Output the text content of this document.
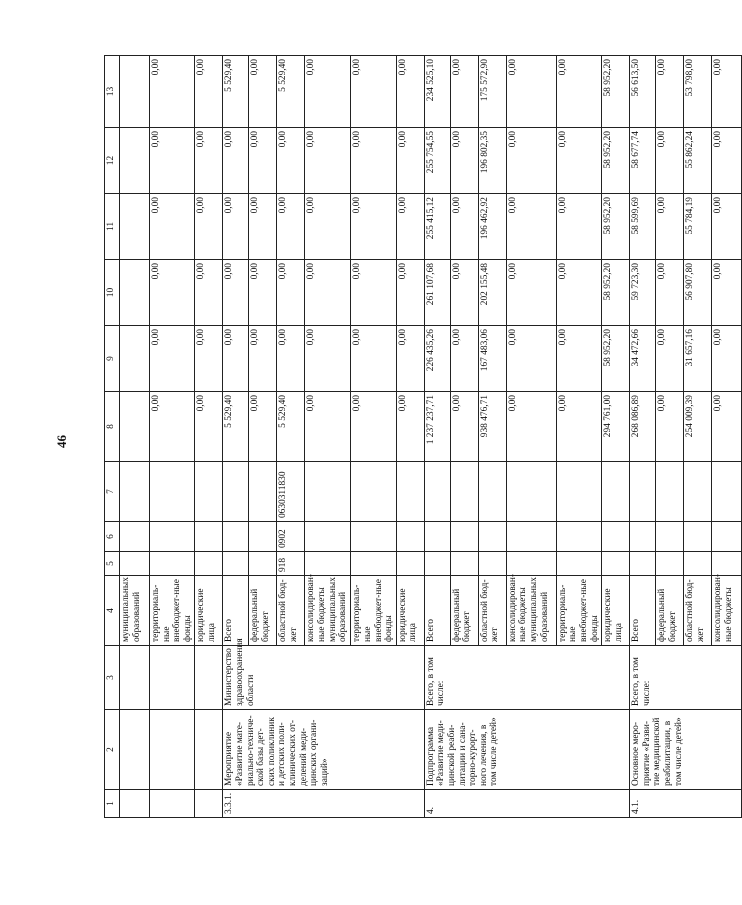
46
1	2	3	4	5	6	7	8	9	10	11	12	13
			муниципальных образований									
			территориаль-ные внебюджет-ные фонды				0,00	0,00	0,00	0,00	0,00	0,00
			юридические лица				0,00	0,00	0,00	0,00	0,00	0,00
3.3.1.	Мероприятие «Развитие мате-риально-техниче-ской базы дет-ских поликлиник и детских поли-клинических от-делений меди-цинских органи-заций»	Министерство здравоохранения области	Всего				5 529,40	0,00	0,00	0,00	0,00	5 529,40
			федеральный бюджет				0,00	0,00	0,00	0,00	0,00	0,00
			областной бюд-жет	918	0902	0630311830	5 529,40	0,00	0,00	0,00	0,00	5 529,40
			консолидирован-ные бюджеты муниципальных образований				0,00	0,00	0,00	0,00	0,00	0,00
			территориаль-ные внебюджет-ные фонды				0,00	0,00	0,00	0,00	0,00	0,00
			юридические лица				0,00	0,00	0,00	0,00	0,00	0,00
4.	Подпрограмма «Развитие меди-цинской реаби-литации и сана-торно-курорт-ного лечения, в том числе детей»	Всего, в том числе:	Всего				1 237 237,71	226 435,26	261 107,68	255 415,12	255 754,55	234 525,10
			федеральный бюджет				0,00	0,00	0,00	0,00	0,00	0,00
			областной бюд-жет				938 476,71	167 483,06	202 155,48	196 462,92	196 802,35	175 572,90
			консолидирован-ные бюджеты муниципальных образований				0,00	0,00	0,00	0,00	0,00	0,00
			территориаль-ные внебюджет-ные фонды				0,00	0,00	0,00	0,00	0,00	0,00
			юридические лица				294 761,00	58 952,20	58 952,20	58 952,20	58 952,20	58 952,20
4.1.	Основное меро-приятие «Разви-тие медицинской реабилитации, в том числе детей»	Всего, в том числе:	Всего				268 086,89	34 472,66	59 723,30	58 599,69	58 677,74	56 613,50
			федеральный бюджет				0,00	0,00	0,00	0,00	0,00	0,00
			областной бюд-жет				254 009,39	31 657,16	56 907,80	55 784,19	55 862,24	53 798,00
			консолидирован-ные бюджеты				0,00	0,00	0,00	0,00	0,00	0,00
